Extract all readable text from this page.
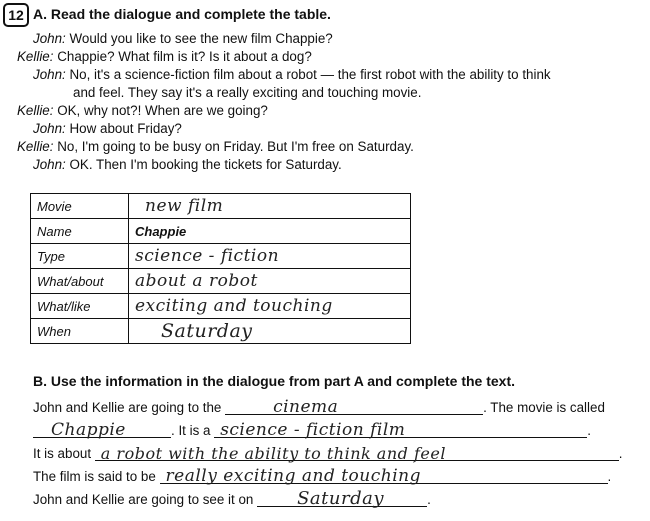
12 A. Read the dialogue and complete the table.
John: Would you like to see the new film Chappie?
Kellie: Chappie? What film is it? Is it about a dog?
John: No, it's a science-fiction film about a robot — the first robot with the ability to think
and feel. They say it's a really exciting and touching movie.
Kellie: OK, why not?! When are we going?
John: How about Friday?
Kellie: No, I'm going to be busy on Friday. But I'm free on Saturday.
John: OK. Then I'm booking the tickets for Saturday.
Movie	new film
Name	Chappie
Type	science - fiction
What/about	about a robot
What/like	exciting and touching
When	Saturday
B. Use the information in the dialogue from part A and complete the text.
John and Kellie are going to the	cinema	. The movie is called
Chappie	. It is a science - fiction film	.
It is about a robot with the ability to think and feel	.
The film is said to be really exciting and touching	.
John and Kellie are going to see it on Saturday	.
